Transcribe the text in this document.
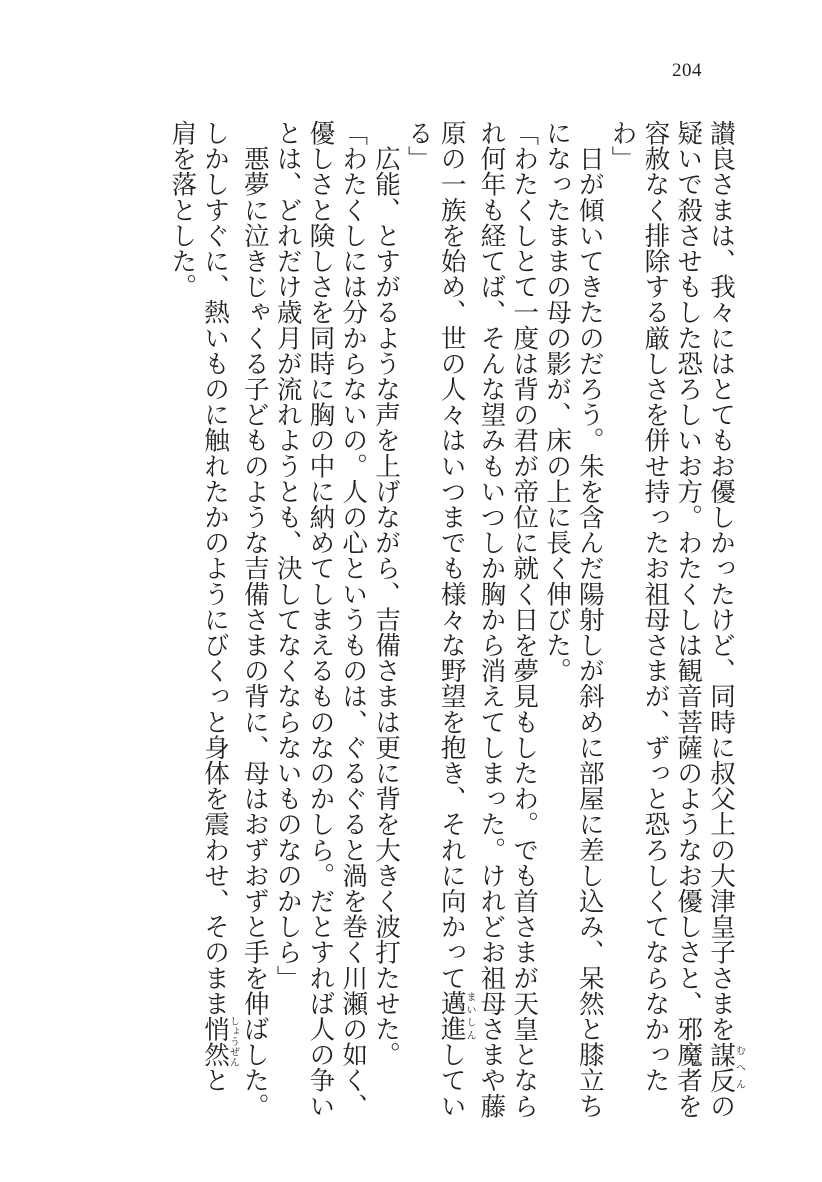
204

讃良さまは、我々にはとてもお優しかったけど、同時に叔父上の大津皇子さまを謀反むへんの

疑いで殺させもした恐ろしいお方。わたくしは観音菩薩のようなお優しさと、邪魔者を

容赦なく排除する厳しさを併せ持ったお祖母さまが、ずっと恐ろしくてならなかった

わ」

　日が傾いてきたのだろう。朱を含んだ陽射しが斜めに部屋に差し込み、呆然と膝立ち

になったままの母の影が、床の上に長く伸びた。

「わたくしとて一度は背の君が帝位に就く日を夢見もしたわ。でも首さまが天皇となら

れ何年も経てば、そんな望みもいつしか胸から消えてしまった。けれどお祖母さまや藤

原の一族を始め、世の人々はいつまでも様々な野望を抱き、それに向かって邁進まいしんしてい

る」

　広能、とすがるような声を上げながら、吉備さまは更に背を大きく波打たせた。

「わたくしには分からないの。人の心というものは、ぐるぐると渦を巻く川瀬の如く、

優しさと険しさを同時に胸の中に納めてしまえるものなのかしら。だとすれば人の争い

とは、どれだけ歳月が流れようとも、決してなくならないものなのかしら」

　悪夢に泣きじゃくる子どものような吉備さまの背に、母はおずおずと手を伸ばした。

しかしすぐに、熱いものに触れたかのようにびくっと身体を震わせ、そのまま悄然しょうぜんと

肩を落とした。
